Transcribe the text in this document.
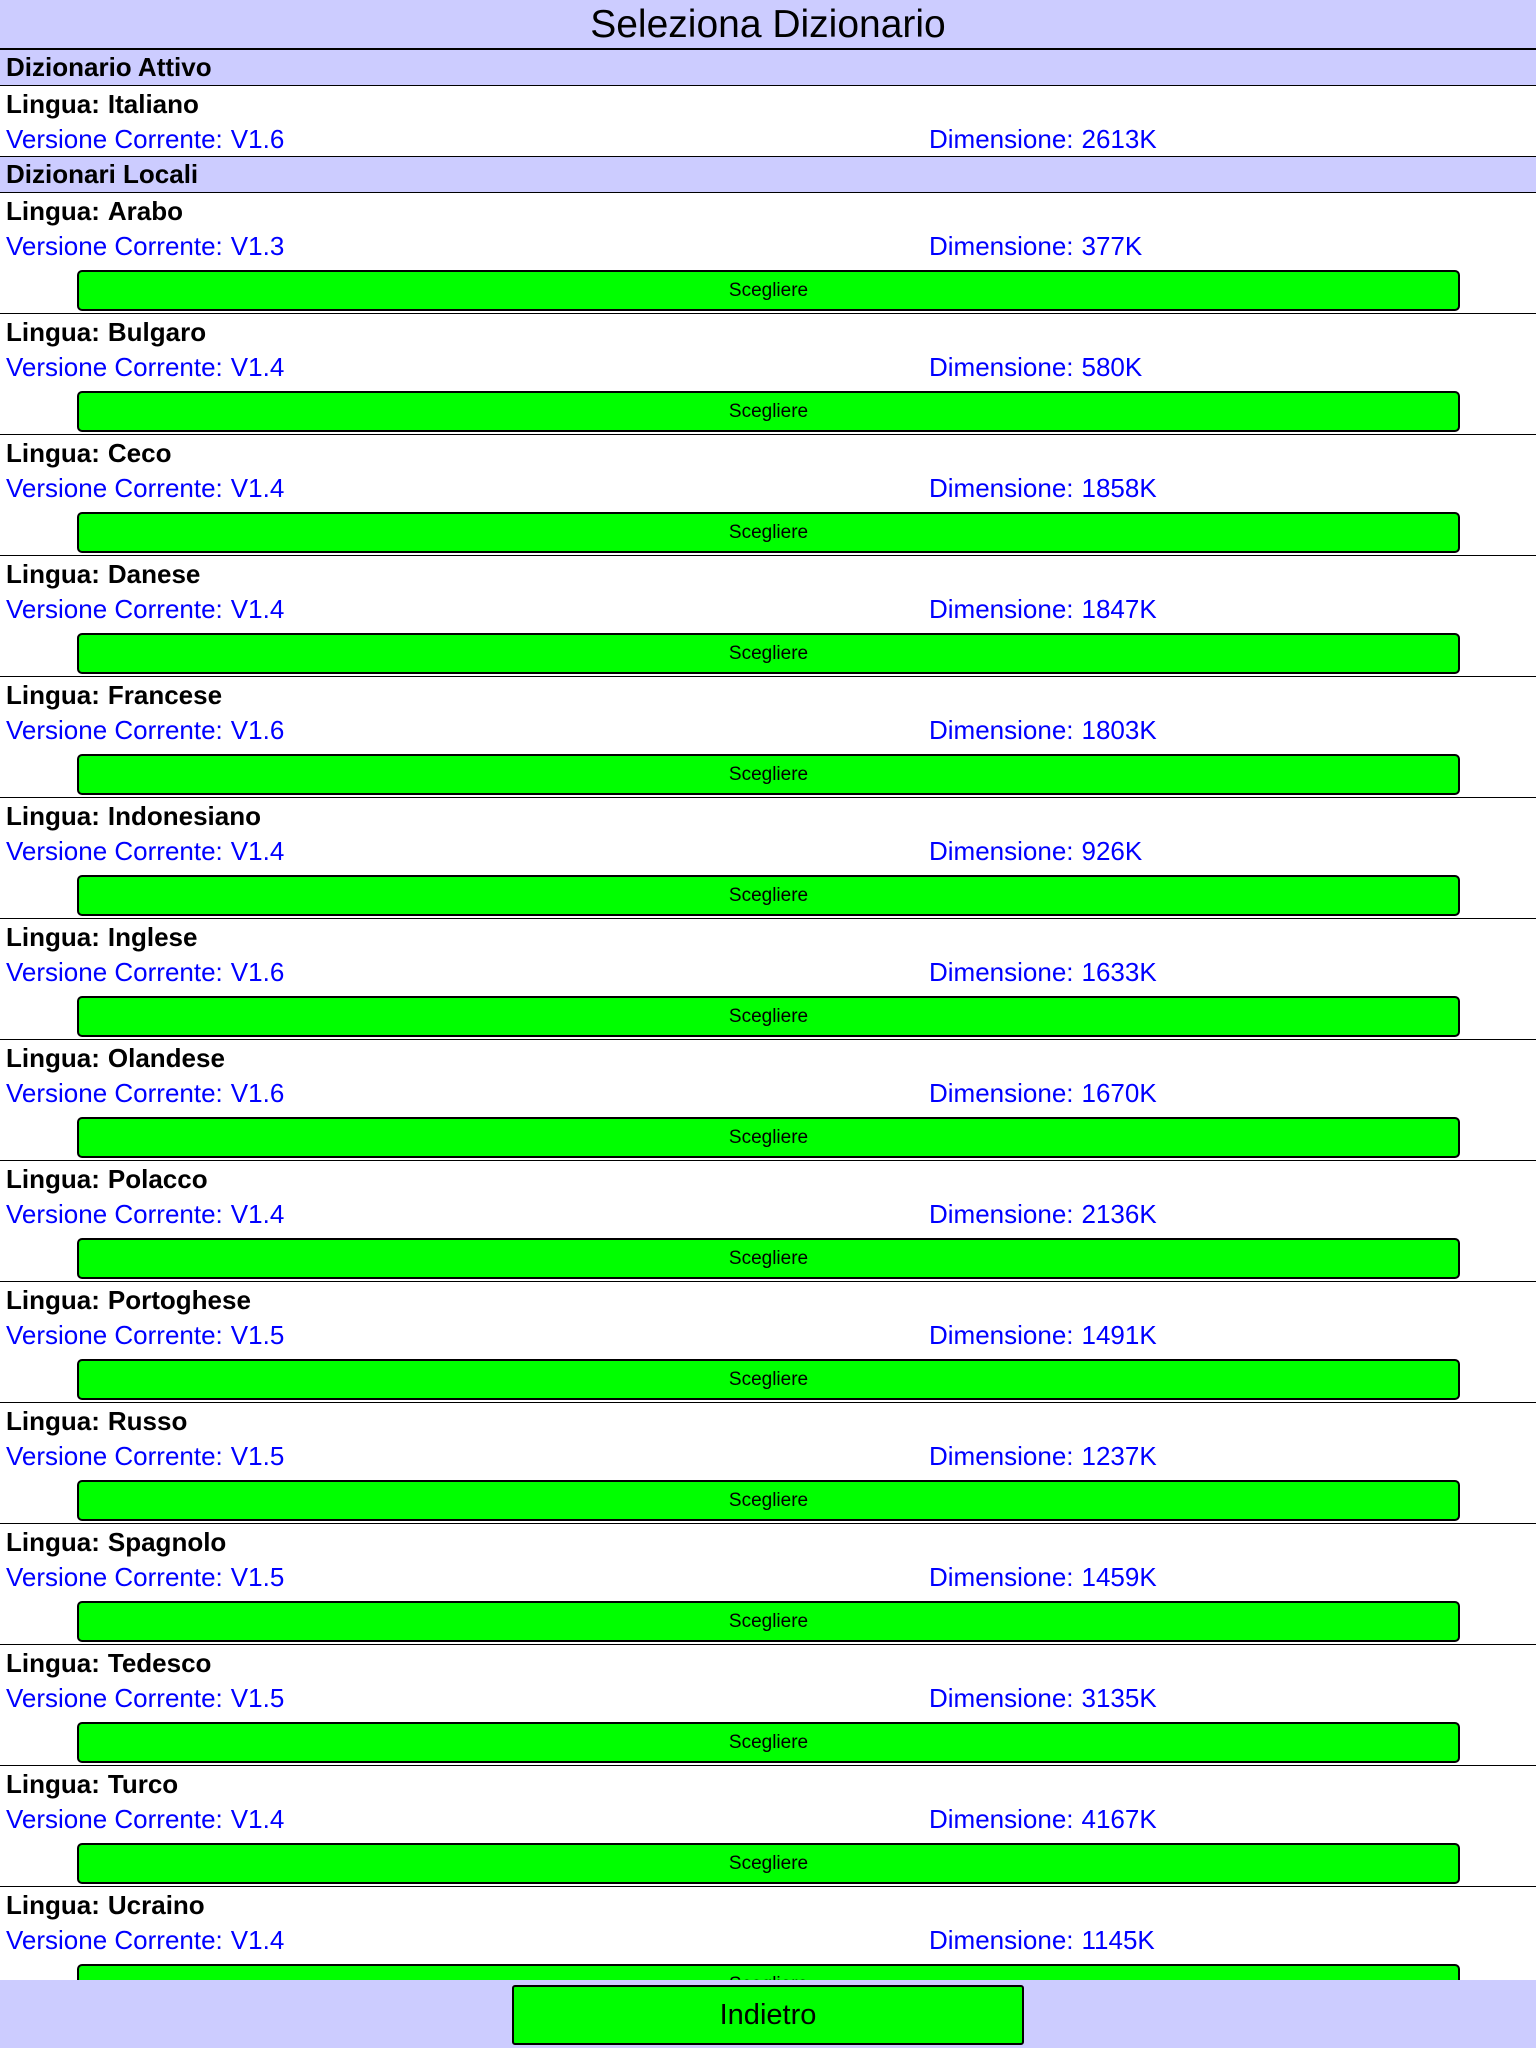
Seleziona Dizionario
Dizionario Attivo
Lingua: Italiano
Versione Corrente: V1.6	Dimensione: 2613K
Dizionari Locali
Lingua: Arabo
Versione Corrente: V1.3	Dimensione: 377K
Scegliere
Lingua: Bulgaro
Versione Corrente: V1.4	Dimensione: 580K
Scegliere
Lingua: Ceco
Versione Corrente: V1.4	Dimensione: 1858K
Scegliere
Lingua: Danese
Versione Corrente: V1.4	Dimensione: 1847K
Scegliere
Lingua: Francese
Versione Corrente: V1.6	Dimensione: 1803K
Scegliere
Lingua: Indonesiano
Versione Corrente: V1.4	Dimensione: 926K
Scegliere
Lingua: Inglese
Versione Corrente: V1.6	Dimensione: 1633K
Scegliere
Lingua: Olandese
Versione Corrente: V1.6	Dimensione: 1670K
Scegliere
Lingua: Polacco
Versione Corrente: V1.4	Dimensione: 2136K
Scegliere
Lingua: Portoghese
Versione Corrente: V1.5	Dimensione: 1491K
Scegliere
Lingua: Russo
Versione Corrente: V1.5	Dimensione: 1237K
Scegliere
Lingua: Spagnolo
Versione Corrente: V1.5	Dimensione: 1459K
Scegliere
Lingua: Tedesco
Versione Corrente: V1.5	Dimensione: 3135K
Scegliere
Lingua: Turco
Versione Corrente: V1.4	Dimensione: 4167K
Scegliere
Lingua: Ucraino
Versione Corrente: V1.4	Dimensione: 1145K
Indietro
